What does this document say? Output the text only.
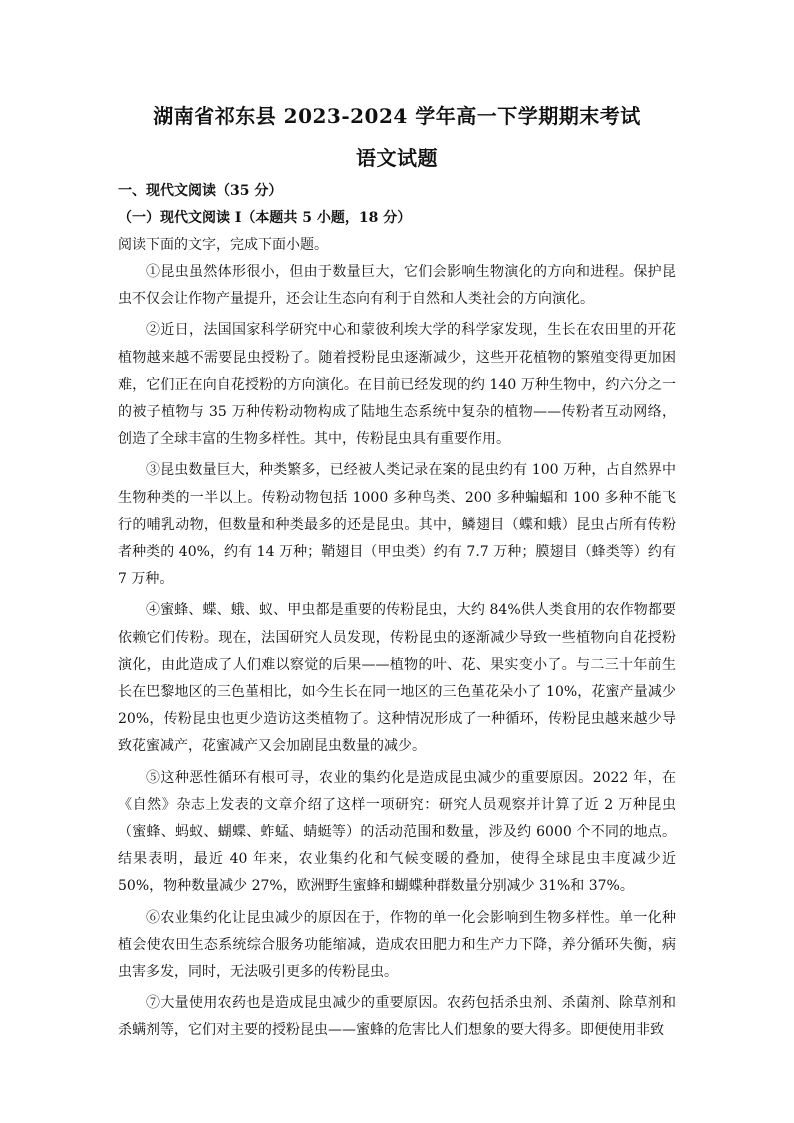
湖南省祁东县 2023-2024 学年高一下学期期末考试
语文试题
一、现代文阅读（35 分）
（一）现代文阅读 I（本题共 5 小题，18 分）
阅读下面的文字，完成下面小题。

①昆虫虽然体形很小，但由于数量巨大，它们会影响生物演化的方向和进程。保护昆虫不仅会让作物产量提升，还会让生态向有利于自然和人类社会的方向演化。

②近日，法国国家科学研究中心和蒙彼利埃大学的科学家发现，生长在农田里的开花植物越来越不需要昆虫授粉了。随着授粉昆虫逐渐减少，这些开花植物的繁殖变得更加困难，它们正在向自花授粉的方向演化。在目前已经发现的约 140 万种生物中，约六分之一的被子植物与 35 万种传粉动物构成了陆地生态系统中复杂的植物——传粉者互动网络，创造了全球丰富的生物多样性。其中，传粉昆虫具有重要作用。

③昆虫数量巨大，种类繁多，已经被人类记录在案的昆虫约有 100 万种，占自然界中生物种类的一半以上。传粉动物包括 1000 多种鸟类、200 多种蝙蝠和 100 多种不能飞行的哺乳动物，但数量和种类最多的还是昆虫。其中，鳞翅目（蝶和蛾）昆虫占所有传粉者种类的 40%，约有 14 万种；鞘翅目（甲虫类）约有 7.7 万种；膜翅目（蜂类等）约有 7 万种。

④蜜蜂、蝶、蛾、蚁、甲虫都是重要的传粉昆虫，大约 84%供人类食用的农作物都要依赖它们传粉。现在，法国研究人员发现，传粉昆虫的逐渐减少导致一些植物向自花授粉演化，由此造成了人们难以察觉的后果——植物的叶、花、果实变小了。与二三十年前生长在巴黎地区的三色堇相比，如今生长在同一地区的三色堇花朵小了 10%，花蜜产量减少 20%，传粉昆虫也更少造访这类植物了。这种情况形成了一种循环，传粉昆虫越来越少导致花蜜减产，花蜜减产又会加剧昆虫数量的减少。

⑤这种恶性循环有根可寻，农业的集约化是造成昆虫减少的重要原因。2022 年，在《自然》杂志上发表的文章介绍了这样一项研究：研究人员观察并计算了近 2 万种昆虫（蜜蜂、蚂蚁、蝴蝶、蚱蜢、蜻蜓等）的活动范围和数量，涉及约 6000 个不同的地点。结果表明，最近 40 年来，农业集约化和气候变暖的叠加，使得全球昆虫丰度减少近 50%，物种数量减少 27%，欧洲野生蜜蜂和蝴蝶种群数量分别减少 31%和 37%。

⑥农业集约化让昆虫减少的原因在于，作物的单一化会影响到生物多样性。单一化种植会使农田生态系统综合服务功能缩减，造成农田肥力和生产力下降，养分循环失衡，病虫害多发，同时，无法吸引更多的传粉昆虫。

⑦大量使用农药也是造成昆虫减少的重要原因。农药包括杀虫剂、杀菌剂、除草剂和杀螨剂等，它们对主要的授粉昆虫——蜜蜂的危害比人们想象的要大得多。即便使用非致
